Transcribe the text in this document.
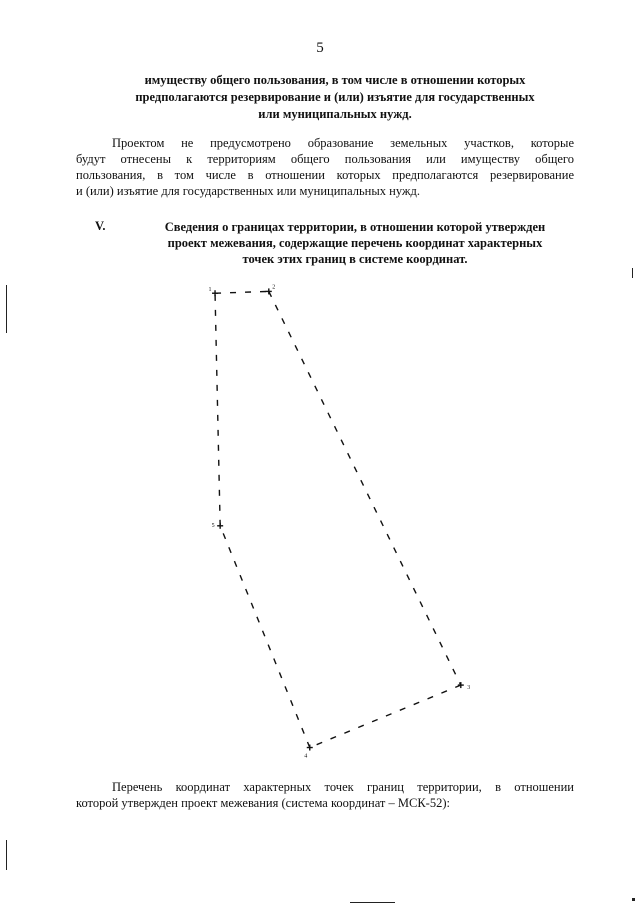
5
имуществу общего пользования, в том числе в отношении которых
предполагаются резервирование и (или) изъятие для государственных
или муниципальных нужд.
Проектом не предусмотрено образование земельных участков, которые
будут отнесены к территориям общего пользования или имуществу общего
пользования, в том числе в отношении которых предполагаются резервирование
и (или) изъятие для государственных или муниципальных нужд.
V.	Сведения о границах территории, в отношении которой утвержден
проект межевания, содержащие перечень координат характерных
точек этих границ в системе координат.
1	2
3
4
5
Перечень координат характерных точек границ территории, в отношении
которой утвержден проект межевания (система координат – МСК-52):
